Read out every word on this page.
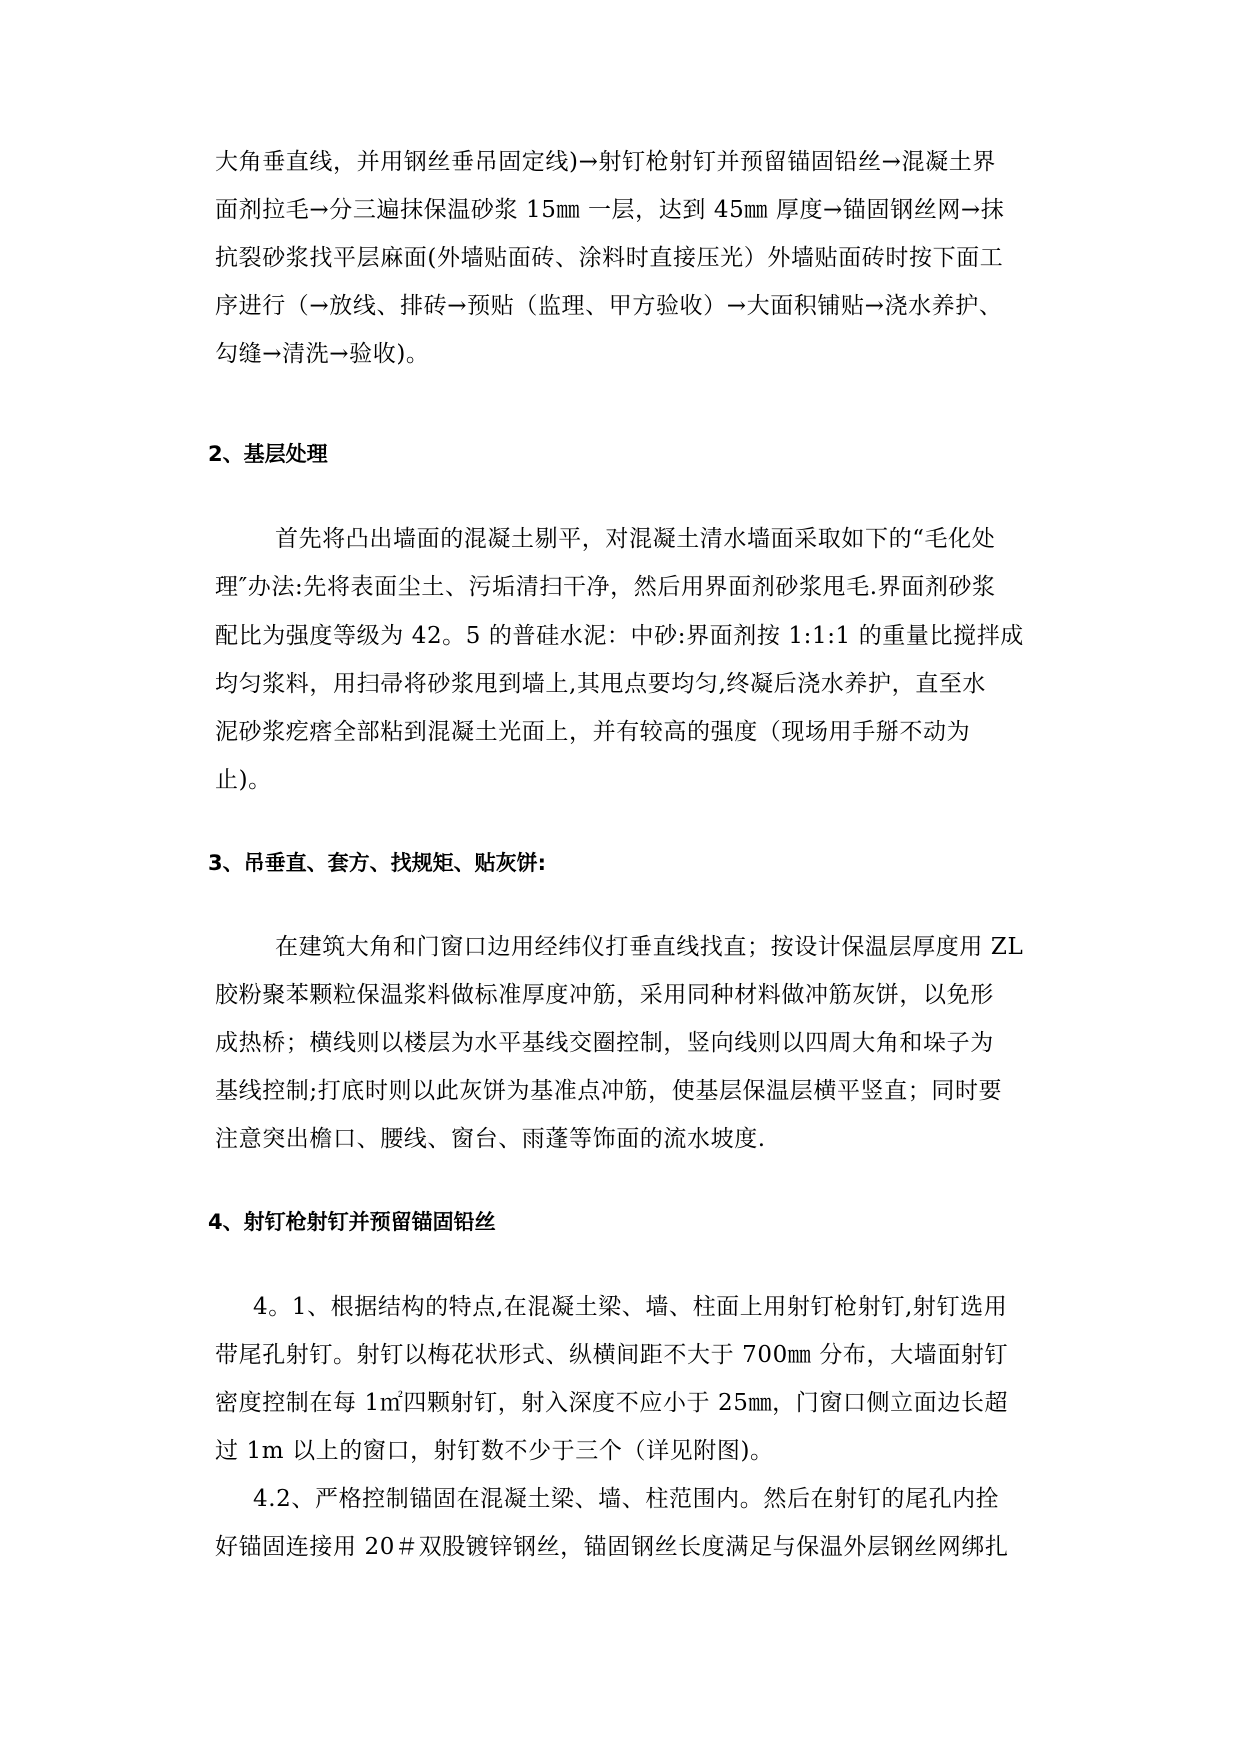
大角垂直线，并用钢丝垂吊固定线)→射钉枪射钉并预留锚固铅丝→混凝土界
面剂拉毛→分三遍抹保温砂浆 15㎜ 一层，达到 45㎜ 厚度→锚固钢丝网→抹
抗裂砂浆找平层麻面(外墙贴面砖、涂料时直接压光）外墙贴面砖时按下面工
序进行（→放线、排砖→预贴（监理、甲方验收）→大面积铺贴→浇水养护、
勾缝→清洗→验收)。
2、基层处理
首先将凸出墙面的混凝土剔平，对混凝土清水墙面采取如下的“毛化处
理″办法:先将表面尘土、污垢清扫干净，然后用界面剂砂浆甩毛.界面剂砂浆
配比为强度等级为 42。5 的普硅水泥：中砂:界面剂按 1:1:1 的重量比搅拌成
均匀浆料，用扫帚将砂浆甩到墙上,其甩点要均匀,终凝后浇水养护，直至水
泥砂浆疙瘩全部粘到混凝土光面上，并有较高的强度（现场用手掰不动为
止)。
3、吊垂直、套方、找规矩、贴灰饼:
在建筑大角和门窗口边用经纬仪打垂直线找直；按设计保温层厚度用 ZL
胶粉聚苯颗粒保温浆料做标准厚度冲筋，采用同种材料做冲筋灰饼，以免形
成热桥；横线则以楼层为水平基线交圈控制，竖向线则以四周大角和垛子为
基线控制;打底时则以此灰饼为基准点冲筋，使基层保温层横平竖直；同时要
注意突出檐口、腰线、窗台、雨蓬等饰面的流水坡度.
4、射钉枪射钉并预留锚固铅丝
4。1、根据结构的特点,在混凝土梁、墙、柱面上用射钉枪射钉,射钉选用
带尾孔射钉。射钉以梅花状形式、纵横间距不大于 700㎜ 分布，大墙面射钉
密度控制在每 1㎡四颗射钉，射入深度不应小于 25㎜，门窗口侧立面边长超
过 1m 以上的窗口，射钉数不少于三个（详见附图)。
4.2、严格控制锚固在混凝土梁、墙、柱范围内。然后在射钉的尾孔内拴
好锚固连接用 20＃双股镀锌钢丝，锚固钢丝长度满足与保温外层钢丝网绑扎
